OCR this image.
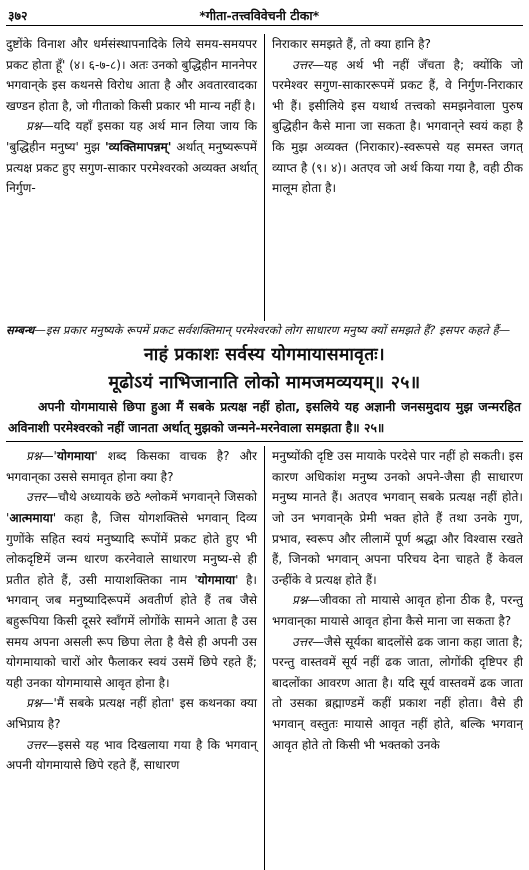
३७२	*गीता-तत्त्वविवेचनी टीका*

दुष्टोंके विनाश और धर्मसंस्थापनादिके लिये समय-समयपर प्रकट होता हूँ' (४। ६-७-८)। अतः उनको बुद्धिहीन माननेपर भगवान्‌के इस कथनसे विरोध आता है और अवतारवादका खण्डन होता है, जो गीताको किसी प्रकार भी मान्य नहीं है।

प्रश्न—यदि यहाँ इसका यह अर्थ मान लिया जाय कि 'बुद्धिहीन मनुष्य' मुझ 'व्यक्तिमापन्नम्' अर्थात् मनुष्यरूपमें प्रत्यक्ष प्रकट हुए सगुण-साकार परमेश्वरको अव्यक्त अर्थात् निर्गुण-

निराकार समझते हैं, तो क्या हानि है?

उत्तर—यह अर्थ भी नहीं जँचता है; क्योंकि जो परमेश्वर सगुण-साकाररूपमें प्रकट हैं, वे निर्गुण-निराकार भी हैं। इसीलिये इस यथार्थ तत्त्वको समझनेवाला पुरुष बुद्धिहीन कैसे माना जा सकता है। भगवान्‌ने स्वयं कहा है कि मुझ अव्यक्त (निराकार)-स्वरूपसे यह समस्त जगत् व्याप्त है (९। ४)। अतएव जो अर्थ किया गया है, वही ठीक मालूम होता है।

सम्बन्ध—इस प्रकार मनुष्यके रूपमें प्रकट सर्वशक्तिमान् परमेश्वरको लोग साधारण मनुष्य क्यों समझते हैं? इसपर कहते हैं—
नाहं प्रकाशः सर्वस्य योगमायासमावृतः।
मूढोऽयं नाभिजानाति लोको मामजमव्ययम्‌॥ २५॥

अपनी योगमायासे छिपा हुआ मैं सबके प्रत्यक्ष नहीं होता, इसलिये यह अज्ञानी जनसमुदाय मुझ जन्मरहित अविनाशी परमेश्वरको नहीं जानता अर्थात् मुझको जन्मने-मरनेवाला समझता है॥ २५॥

प्रश्न—'योगमाया' शब्द किसका वाचक है? और भगवान्‌का उससे समावृत होना क्या है?

उत्तर—चौथे अध्यायके छठे श्लोकमें भगवान्‌ने जिसको 'आत्ममाया' कहा है, जिस योगशक्तिसे भगवान् दिव्य गुणोंके सहित स्वयं मनुष्यादि रूपोंमें प्रकट होते हुए भी लोकदृष्टिमें जन्म धारण करनेवाले साधारण मनुष्य-से ही प्रतीत होते हैं, उसी मायाशक्तिका नाम 'योगमाया' है। भगवान् जब मनुष्यादिरूपमें अवतीर्ण होते हैं तब जैसे बहुरूपिया किसी दूसरे स्वाँगमें लोगोंके सामने आता है उस समय अपना असली रूप छिपा लेता है वैसे ही अपनी उस योगमायाको चारों ओर फैलाकर स्वयं उसमें छिपे रहते हैं; यही उनका योगमायासे आवृत होना है।

प्रश्न—'मैं सबके प्रत्यक्ष नहीं होता' इस कथनका क्या अभिप्राय है?

उत्तर—इससे यह भाव दिखलाया गया है कि भगवान् अपनी योगमायासे छिपे रहते हैं, साधारण

मनुष्योंकी दृष्टि उस मायाके परदेसे पार नहीं हो सकती। इस कारण अधिकांश मनुष्य उनको अपने-जैसा ही साधारण मनुष्य मानते हैं। अतएव भगवान् सबके प्रत्यक्ष नहीं होते। जो उन भगवान्‌के प्रेमी भक्त होते हैं तथा उनके गुण, प्रभाव, स्वरूप और लीलामें पूर्ण श्रद्धा और विश्वास रखते हैं, जिनको भगवान् अपना परिचय देना चाहते हैं केवल उन्हींके वे प्रत्यक्ष होते हैं।

प्रश्न—जीवका तो मायासे आवृत होना ठीक है, परन्तु भगवान्‌का मायासे आवृत होना कैसे माना जा सकता है?

उत्तर—जैसे सूर्यका बादलोंसे ढक जाना कहा जाता है; परन्तु वास्तवमें सूर्य नहीं ढक जाता, लोगोंकी दृष्टिपर ही बादलोंका आवरण आता है। यदि सूर्य वास्तवमें ढक जाता तो उसका ब्रह्माण्डमें कहीं प्रकाश नहीं होता। वैसे ही भगवान् वस्तुतः मायासे आवृत नहीं होते, बल्कि भगवान् आवृत होते तो किसी भी भक्तको उनके
